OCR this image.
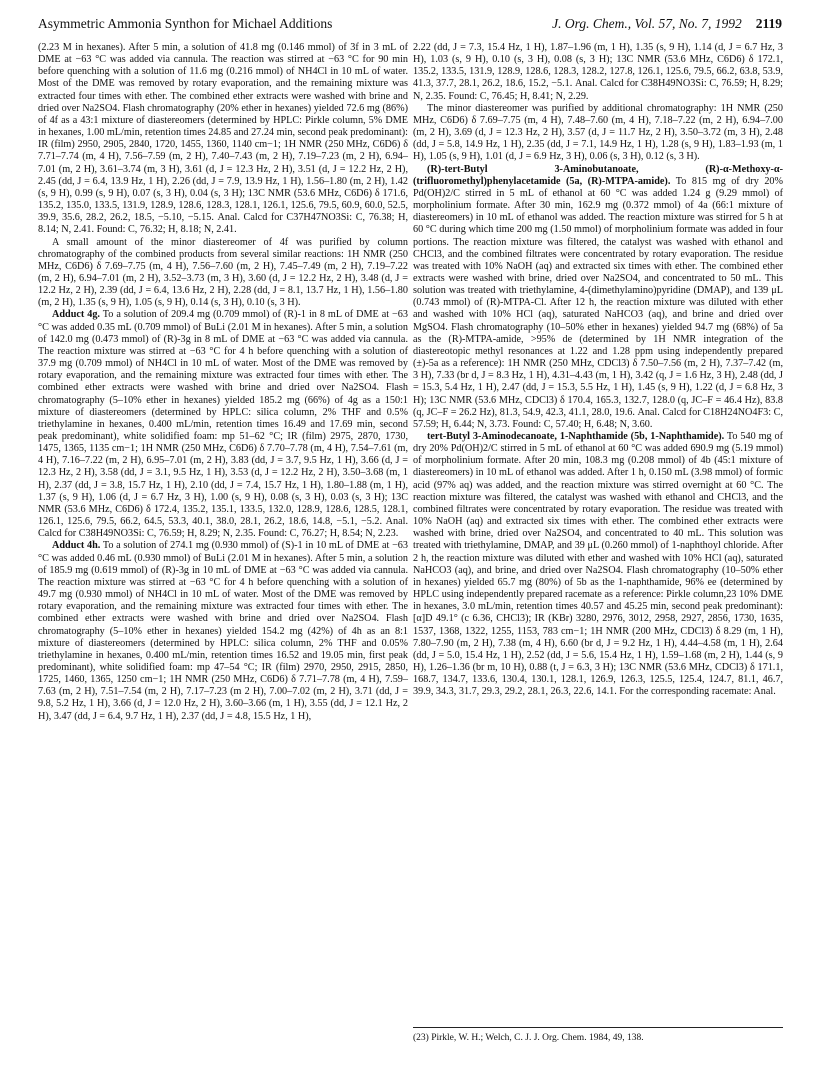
Asymmetric Ammonia Synthon for Michael Additions	J. Org. Chem., Vol. 57, No. 7, 1992 2119

(2.23 M in hexanes). After 5 min, a solution of 41.8 mg (0.146 mmol) of 3f in 3 mL of DME at −63 °C was added via cannula. The reaction was stirred at −63 °C for 90 min before quenching with a solution of 11.6 mg (0.216 mmol) of NH4Cl in 10 mL of water. Most of the DME was removed by rotary evaporation, and the remaining mixture was extracted four times with ether. The combined ether extracts were washed with brine and dried over Na2SO4. Flash chromatography (20% ether in hexanes) yielded 72.6 mg (86%) of 4f as a 43:1 mixture of diastereomers (determined by HPLC: Pirkle column, 5% DME in hexanes, 1.00 mL/min, retention times 24.85 and 27.24 min, second peak predominant): IR (film) 2950, 2905, 2840, 1720, 1455, 1360, 1140 cm−1; 1H NMR (250 MHz, C6D6) δ 7.71–7.74 (m, 4 H), 7.56–7.59 (m, 2 H), 7.40–7.43 (m, 2 H), 7.19–7.23 (m, 2 H), 6.94–7.01 (m, 2 H), 3.61–3.74 (m, 3 H), 3.61 (d, J = 12.3 Hz, 2 H), 3.51 (d, J = 12.2 Hz, 2 H), 2.45 (dd, J = 6.4, 13.9 Hz, 1 H), 2.26 (dd, J = 7.9, 13.9 Hz, 1 H), 1.56–1.80 (m, 2 H), 1.42 (s, 9 H), 0.99 (s, 9 H), 0.07 (s, 3 H), 0.04 (s, 3 H); 13C NMR (53.6 MHz, C6D6) δ 171.6, 135.2, 135.0, 133.5, 131.9, 128.9, 128.6, 128.3, 128.1, 126.1, 125.6, 79.5, 60.9, 60.0, 52.5, 39.9, 35.6, 28.2, 26.2, 18.5, −5.10, −5.15. Anal. Calcd for C37H47NO3Si: C, 76.38; H, 8.14; N, 2.41. Found: C, 76.32; H, 8.18; N, 2.41.

A small amount of the minor diastereomer of 4f was purified by column chromatography of the combined products from several similar reactions: 1H NMR (250 MHz, C6D6) δ 7.69–7.75 (m, 4 H), 7.56–7.60 (m, 2 H), 7.45–7.49 (m, 2 H), 7.19–7.22 (m, 2 H), 6.94–7.01 (m, 2 H), 3.52–3.73 (m, 3 H), 3.60 (d, J = 12.2 Hz, 2 H), 3.48 (d, J = 12.2 Hz, 2 H), 2.39 (dd, J = 6.4, 13.6 Hz, 2 H), 2.28 (dd, J = 8.1, 13.7 Hz, 1 H), 1.56–1.80 (m, 2 H), 1.35 (s, 9 H), 1.05 (s, 9 H), 0.14 (s, 3 H), 0.10 (s, 3 H).

Adduct 4g. To a solution of 209.4 mg (0.709 mmol) of (R)-1 in 8 mL of DME at −63 °C was added 0.35 mL (0.709 mmol) of BuLi (2.01 M in hexanes). After 5 min, a solution of 142.0 mg (0.473 mmol) of (R)-3g in 8 mL of DME at −63 °C was added via cannula. The reaction mixture was stirred at −63 °C for 4 h before quenching with a solution of 37.9 mg (0.709 mmol) of NH4Cl in 10 mL of water. Most of the DME was removed by rotary evaporation, and the remaining mixture was extracted four times with ether. The combined ether extracts were washed with brine and dried over Na2SO4. Flash chromatography (5–10% ether in hexanes) yielded 185.2 mg (66%) of 4g as a 150:1 mixture of diastereomers (determined by HPLC: silica column, 2% THF and 0.5% triethylamine in hexanes, 0.400 mL/min, retention times 16.49 and 17.69 min, second peak predominant), white solidified foam: mp 51–62 °C; IR (film) 2975, 2870, 1730, 1475, 1365, 1135 cm−1; 1H NMR (250 MHz, C6D6) δ 7.70–7.78 (m, 4 H), 7.54–7.61 (m, 4 H), 7.16–7.22 (m, 2 H), 6.95–7.01 (m, 2 H), 3.83 (dd, J = 3.7, 9.5 Hz, 1 H), 3.66 (d, J = 12.3 Hz, 2 H), 3.58 (dd, J = 3.1, 9.5 Hz, 1 H), 3.53 (d, J = 12.2 Hz, 2 H), 3.50–3.68 (m, 1 H), 2.37 (dd, J = 3.8, 15.7 Hz, 1 H), 2.10 (dd, J = 7.4, 15.7 Hz, 1 H), 1.80–1.88 (m, 1 H), 1.37 (s, 9 H), 1.06 (d, J = 6.7 Hz, 3 H), 1.00 (s, 9 H), 0.08 (s, 3 H), 0.03 (s, 3 H); 13C NMR (53.6 MHz, C6D6) δ 172.4, 135.2, 135.1, 133.5, 132.0, 128.9, 128.6, 128.5, 128.1, 126.1, 125.6, 79.5, 66.2, 64.5, 53.3, 40.1, 38.0, 28.1, 26.2, 18.6, 14.8, −5.1, −5.2. Anal. Calcd for C38H49NO3Si: C, 76.59; H, 8.29; N, 2.35. Found: C, 76.27; H, 8.54; N, 2.23.

Adduct 4h. To a solution of 274.1 mg (0.930 mmol) of (S)-1 in 10 mL of DME at −63 °C was added 0.46 mL (0.930 mmol) of BuLi (2.01 M in hexanes). After 5 min, a solution of 185.9 mg (0.619 mmol) of (R)-3g in 10 mL of DME at −63 °C was added via cannula. The reaction mixture was stirred at −63 °C for 4 h before quenching with a solution of 49.7 mg (0.930 mmol) of NH4Cl in 10 mL of water. Most of the DME was removed by rotary evaporation, and the remaining mixture was extracted four times with ether. The combined ether extracts were washed with brine and dried over Na2SO4. Flash chromatography (5–10% ether in hexanes) yielded 154.2 mg (42%) of 4h as an 8:1 mixture of diastereomers (determined by HPLC: silica column, 2% THF and 0.05% triethylamine in hexanes, 0.400 mL/min, retention times 16.52 and 19.05 min, first peak predominant), white solidified foam: mp 47–54 °C; IR (film) 2970, 2950, 2915, 2850, 1725, 1460, 1365, 1250 cm−1; 1H NMR (250 MHz, C6D6) δ 7.71–7.78 (m, 4 H), 7.59–7.63 (m, 2 H), 7.51–7.54 (m, 2 H), 7.17–7.23 (m 2 H), 7.00–7.02 (m, 2 H), 3.71 (dd, J = 9.8, 5.2 Hz, 1 H), 3.66 (d, J = 12.0 Hz, 2 H), 3.60–3.66 (m, 1 H), 3.55 (dd, J = 12.1 Hz, 2 H), 3.47 (dd, J = 6.4, 9.7 Hz, 1 H), 2.37 (dd, J = 4.8, 15.5 Hz, 1 H),

2.22 (dd, J = 7.3, 15.4 Hz, 1 H), 1.87–1.96 (m, 1 H), 1.35 (s, 9 H), 1.14 (d, J = 6.7 Hz, 3 H), 1.03 (s, 9 H), 0.10 (s, 3 H), 0.08 (s, 3 H); 13C NMR (53.6 MHz, C6D6) δ 172.1, 135.2, 133.5, 131.9, 128.9, 128.6, 128.3, 128.2, 127.8, 126.1, 125.6, 79.5, 66.2, 63.8, 53.9, 41.3, 37.7, 28.1, 26.2, 18.6, 15.2, −5.1. Anal. Calcd for C38H49NO3Si: C, 76.59; H, 8.29; N, 2.35. Found: C, 76.45; H, 8.41; N, 2.29.

The minor diastereomer was purified by additional chromatography: 1H NMR (250 MHz, C6D6) δ 7.69–7.75 (m, 4 H), 7.48–7.60 (m, 4 H), 7.18–7.22 (m, 2 H), 6.94–7.00 (m, 2 H), 3.69 (d, J = 12.3 Hz, 2 H), 3.57 (d, J = 11.7 Hz, 2 H), 3.50–3.72 (m, 3 H), 2.48 (dd, J = 5.8, 14.9 Hz, 1 H), 2.35 (dd, J = 7.1, 14.9 Hz, 1 H), 1.28 (s, 9 H), 1.83–1.93 (m, 1 H), 1.05 (s, 9 H), 1.01 (d, J = 6.9 Hz, 3 H), 0.06 (s, 3 H), 0.12 (s, 3 H).

(R)-tert-Butyl 3-Aminobutanoate, (R)-α-Methoxy-α-(trifluoromethyl)phenylacetamide (5a, (R)-MTPA-amide). To 815 mg of dry 20% Pd(OH)2/C stirred in 5 mL of ethanol at 60 °C was added 1.24 g (9.29 mmol) of morpholinium formate. After 30 min, 162.9 mg (0.372 mmol) of 4a (66:1 mixture of diastereomers) in 10 mL of ethanol was added. The reaction mixture was stirred for 5 h at 60 °C during which time 200 mg (1.50 mmol) of morpholinium formate was added in four portions. The reaction mixture was filtered, the catalyst was washed with ethanol and CHCl3, and the combined filtrates were concentrated by rotary evaporation. The residue was treated with 10% NaOH (aq) and extracted six times with ether. The combined ether extracts were washed with brine, dried over Na2SO4, and concentrated to 50 mL. This solution was treated with triethylamine, 4-(dimethylamino)pyridine (DMAP), and 139 μL (0.743 mmol) of (R)-MTPA-Cl. After 12 h, the reaction mixture was diluted with ether and washed with 10% HCl (aq), saturated NaHCO3 (aq), and brine and dried over MgSO4. Flash chromatography (10–50% ether in hexanes) yielded 94.7 mg (68%) of 5a as the (R)-MTPA-amide, >95% de (determined by 1H NMR integration of the diastereotopic methyl resonances at 1.22 and 1.28 ppm using independently prepared (±)-5a as a reference): 1H NMR (250 MHz, CDCl3) δ 7.50–7.56 (m, 2 H), 7.37–7.42 (m, 3 H), 7.33 (br d, J = 8.3 Hz, 1 H), 4.31–4.43 (m, 1 H), 3.42 (q, J = 1.6 Hz, 3 H), 2.48 (dd, J = 15.3, 5.4 Hz, 1 H), 2.47 (dd, J = 15.3, 5.5 Hz, 1 H), 1.45 (s, 9 H), 1.22 (d, J = 6.8 Hz, 3 H); 13C NMR (53.6 MHz, CDCl3) δ 170.4, 165.3, 132.7, 128.0 (q, JC–F = 46.4 Hz), 83.8 (q, JC–F = 26.2 Hz), 81.3, 54.9, 42.3, 41.1, 28.0, 19.6. Anal. Calcd for C18H24NO4F3: C, 57.59; H, 6.44; N, 3.73. Found: C, 57.40; H, 6.48; N, 3.60.

tert-Butyl 3-Aminodecanoate, 1-Naphthamide (5b, 1-Naphthamide). To 540 mg of dry 20% Pd(OH)2/C stirred in 5 mL of ethanol at 60 °C was added 690.9 mg (5.19 mmol) of morpholinium formate. After 20 min, 108.3 mg (0.208 mmol) of 4b (45:1 mixture of diastereomers) in 10 mL of ethanol was added. After 1 h, 0.150 mL (3.98 mmol) of formic acid (97% aq) was added, and the reaction mixture was stirred overnight at 60 °C. The reaction mixture was filtered, the catalyst was washed with ethanol and CHCl3, and the combined filtrates were concentrated by rotary evaporation. The residue was treated with 10% NaOH (aq) and extracted six times with ether. The combined ether extracts were washed with brine, dried over Na2SO4, and concentrated to 40 mL. This solution was treated with triethylamine, DMAP, and 39 μL (0.260 mmol) of 1-naphthoyl chloride. After 2 h, the reaction mixture was diluted with ether and washed with 10% HCl (aq), saturated NaHCO3 (aq), and brine, and dried over Na2SO4. Flash chromatography (10–50% ether in hexanes) yielded 65.7 mg (80%) of 5b as the 1-naphthamide, 96% ee (determined by HPLC using independently prepared racemate as a reference: Pirkle column,23 10% DME in hexanes, 3.0 mL/min, retention times 40.57 and 45.25 min, second peak predominant): [α]D 49.1° (c 6.36, CHCl3); IR (KBr) 3280, 2976, 3012, 2958, 2927, 2856, 1730, 1635, 1537, 1368, 1322, 1255, 1153, 783 cm−1; 1H NMR (200 MHz, CDCl3) δ 8.29 (m, 1 H), 7.80–7.90 (m, 2 H), 7.38 (m, 4 H), 6.60 (br d, J = 9.2 Hz, 1 H), 4.44–4.58 (m, 1 H), 2.64 (dd, J = 5.0, 15.4 Hz, 1 H), 2.52 (dd, J = 5.6, 15.4 Hz, 1 H), 1.59–1.68 (m, 2 H), 1.44 (s, 9 H), 1.26–1.36 (br m, 10 H), 0.88 (t, J = 6.3, 3 H); 13C NMR (53.6 MHz, CDCl3) δ 171.1, 168.7, 134.7, 133.6, 130.4, 130.1, 128.1, 126.9, 126.3, 125.5, 125.4, 124.7, 81.1, 46.7, 39.9, 34.3, 31.7, 29.3, 29.2, 28.1, 26.3, 22.6, 14.1. For the corresponding racemate: Anal.

(23) Pirkle, W. H.; Welch, C. J. J. Org. Chem. 1984, 49, 138.
